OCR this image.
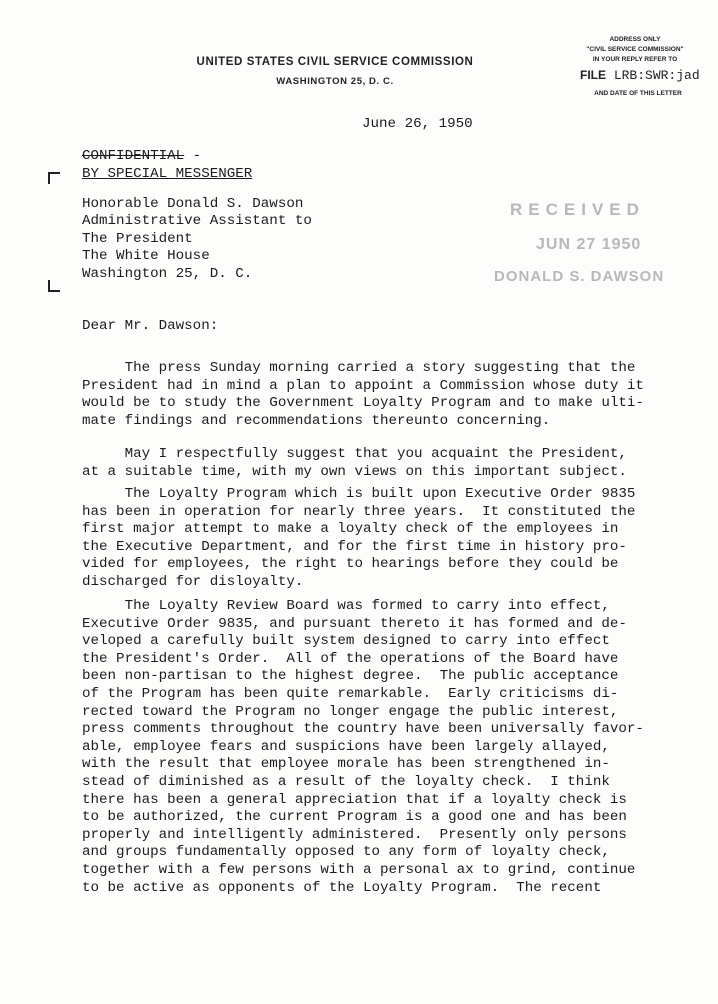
UNITED STATES CIVIL SERVICE COMMISSION
WASHINGTON 25, D. C.
ADDRESS ONLY
"CIVIL SERVICE COMMISSION"
IN YOUR REPLY REFER TO
FILE LRB:SWR:jad
AND DATE OF THIS LETTER
June 26, 1950
CONFIDENTIAL -
BY SPECIAL MESSENGER
Honorable Donald S. Dawson
Administrative Assistant to
The President
The White House
Washington 25, D. C.
RECEIVED
JUN 27 1950
DONALD S. DAWSON
Dear Mr. Dawson:
The press Sunday morning carried a story suggesting that the
President had in mind a plan to appoint a Commission whose duty it
would be to study the Government Loyalty Program and to make ulti-
mate findings and recommendations thereunto concerning.
May I respectfully suggest that you acquaint the President,
at a suitable time, with my own views on this important subject.
The Loyalty Program which is built upon Executive Order 9835
has been in operation for nearly three years.  It constituted the
first major attempt to make a loyalty check of the employees in
the Executive Department, and for the first time in history pro-
vided for employees, the right to hearings before they could be
discharged for disloyalty.
The Loyalty Review Board was formed to carry into effect,
Executive Order 9835, and pursuant thereto it has formed and de-
veloped a carefully built system designed to carry into effect
the President's Order.  All of the operations of the Board have
been non-partisan to the highest degree.  The public acceptance
of the Program has been quite remarkable.  Early criticisms di-
rected toward the Program no longer engage the public interest,
press comments throughout the country have been universally favor-
able, employee fears and suspicions have been largely allayed,
with the result that employee morale has been strengthened in-
stead of diminished as a result of the loyalty check.  I think
there has been a general appreciation that if a loyalty check is
to be authorized, the current Program is a good one and has been
properly and intelligently administered.  Presently only persons
and groups fundamentally opposed to any form of loyalty check,
together with a few persons with a personal ax to grind, continue
to be active as opponents of the Loyalty Program.  The recent
